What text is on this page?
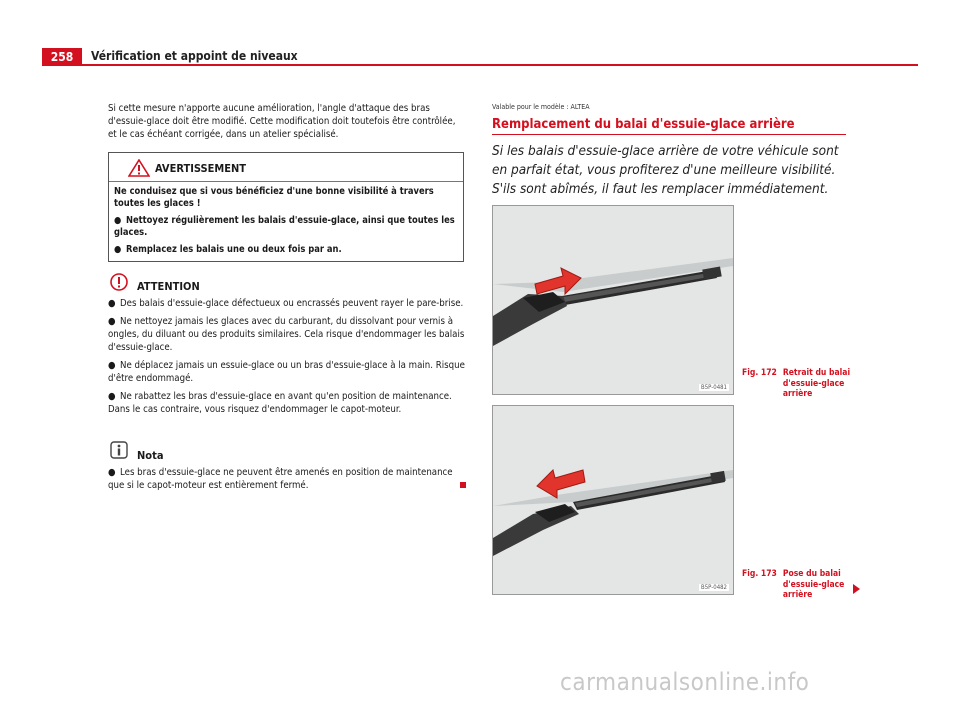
258	Vérification et appoint de niveaux

Si cette mesure n'apporte aucune amélioration, l'angle d'attaque des bras d'essuie-glace doit être modifié. Cette modification doit toutefois être contrôlée, et le cas échéant corrigée, dans un atelier spécialisé.

AVERTISSEMENT

Ne conduisez que si vous bénéficiez d'une bonne visibilité à travers toutes les glaces !

● Nettoyez régulièrement les balais d'essuie-glace, ainsi que toutes les glaces.

● Remplacez les balais une ou deux fois par an.

ATTENTION

● Des balais d'essuie-glace défectueux ou encrassés peuvent rayer le pare-brise.

● Ne nettoyez jamais les glaces avec du carburant, du dissolvant pour vernis à ongles, du diluant ou des produits similaires. Cela risque d'endommager les balais d'essuie-glace.

● Ne déplacez jamais un essuie-glace ou un bras d'essuie-glace à la main. Risque d'être endommagé.

● Ne rabattez les bras d'essuie-glace en avant qu'en position de maintenance. Dans le cas contraire, vous risquez d'endommager le capot-moteur.

Nota

● Les bras d'essuie-glace ne peuvent être amenés en position de maintenance que si le capot-moteur est entièrement fermé.

Valable pour le modèle : ALTEA
Remplacement du balai d'essuie-glace arrière
Si les balais d'essuie-glace arrière de votre véhicule sont en parfait état, vous profiterez d'une meilleure visibilité. S'ils sont abîmés, il faut les remplacer immédiatement.
B5P-0481
Fig. 172 Retrait du balai d'essuie-glace arrière
B5P-0482
Fig. 173 Pose du balai d'essuie-glace arrière
carmanualsonline.info
